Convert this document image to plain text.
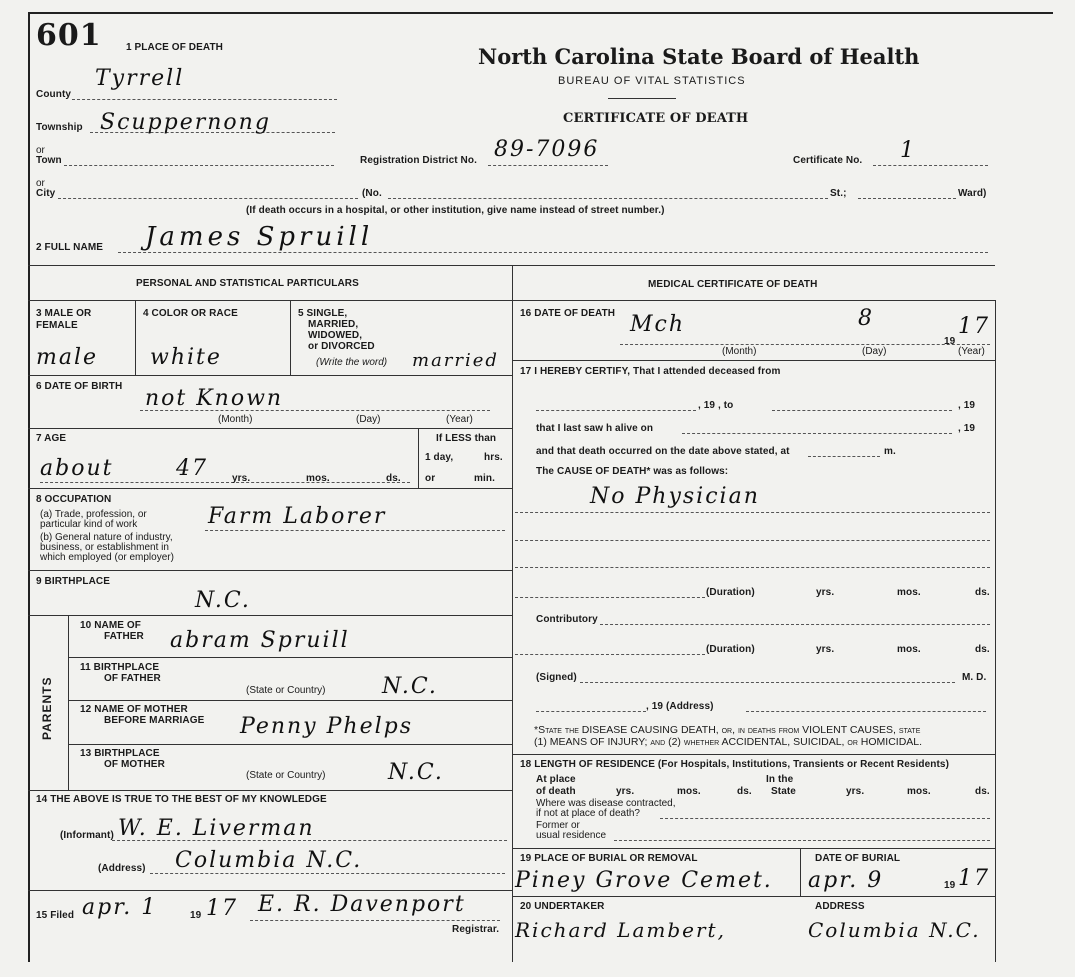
601 1 PLACE OF DEATH	North Carolina State Board of Health
BUREAU OF VITAL STATISTICS
CERTIFICATE OF DEATH
County
Tyrrell
Township Scuppernong
or
Town	Registration District No. 89-7096	Certificate No. 1
or
City	(No.	St.;	Ward)
(If death occurs in a hospital, or other institution, give name instead of street number.)
2 FULL NAME James Spruill
PERSONAL AND STATISTICAL PARTICULARS
3 MALE OR
FEMALE
male
4 COLOR OR RACE
white
5 SINGLE,
MARRIED,
WIDOWED,
or DIVORCED
(Write the word) married
6 DATE OF BIRTH not Known
(Month)	(Day)	(Year)
7 AGE
about	47 yrs.	mos.	ds.
If LESS than
1 day,	hrs.
or	min.
8 OCCUPATION
(a) Trade, profession, or
particular kind of work
(b) General nature of industry,
business, or establishment in
which employed (or employer)
Farm Laborer
9 BIRTHPLACE
N.C.
PARENTS
10 NAME OF
FATHER abram Spruill
11 BIRTHPLACE
OF FATHER
(State or Country)	N.C.
12 NAME OF MOTHER
BEFORE MARRIAGE Penny Phelps
13 BIRTHPLACE
OF MOTHER
(State or Country)	N.C.
14 THE ABOVE IS TRUE TO THE BEST OF MY KNOWLEDGE
(Informant) W. E. Liverman
(Address) Columbia N.C.
15 Filed apr. 1	19 17 E. R. Davenport
Registrar.
MEDICAL CERTIFICATE OF DEATH
16 DATE OF DEATH Mch	8
19
17
(Month)	(Day)	(Year)
17 I HEREBY CERTIFY, That I attended deceased from
, 19 , to	, 19
that I last saw h alive on	, 19
and that death occurred on the date above stated, at	m.
The CAUSE OF DEATH* was as follows:
No Physician
(Duration)	yrs.	mos.	ds.
Contributory
(Duration)	yrs.	mos.	ds.
(Signed)	M. D.
, 19 (Address)
*State the DISEASE CAUSING DEATH, or, in deaths from VIOLENT CAUSES, state
(1) MEANS OF INJURY; and (2) whether ACCIDENTAL, SUICIDAL, or HOMICIDAL.
18 LENGTH OF RESIDENCE (For Hospitals, Institutions, Transients or Recent Residents)
At place	In the
of death	yrs.	mos.	ds. State	yrs.	mos.	ds.
Where was disease contracted,
if not at place of death?
Former or
usual residence
19 PLACE OF BURIAL OR REMOVAL
Piney Grove Cemet.
DATE OF BURIAL
apr. 9	19 17
20 UNDERTAKER	ADDRESS
Richard Lambert,	Columbia N.C.
